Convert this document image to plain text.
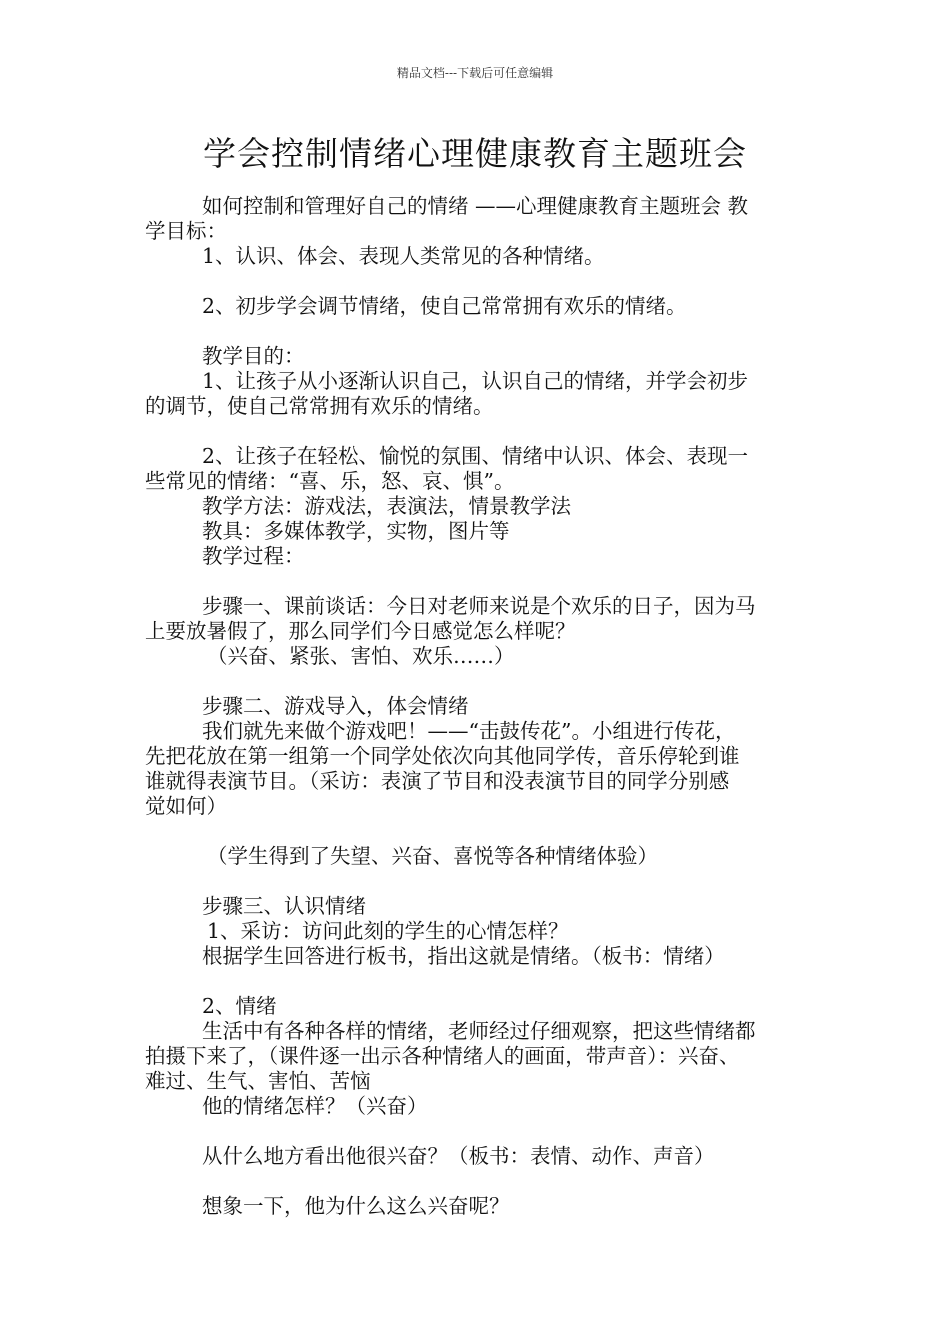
精品文档---下载后可任意编辑
学会控制情绪心理健康教育主题班会
如何控制和管理好自己的情绪 ——心理健康教育主题班会 教
学目标：
1、认识、体会、表现人类常见的各种情绪。
2、初步学会调节情绪，使自己常常拥有欢乐的情绪。
教学目的：
1、让孩子从小逐渐认识自己，认识自己的情绪，并学会初步
的调节，使自己常常拥有欢乐的情绪。
2、让孩子在轻松、愉悦的氛围、情绪中认识、体会、表现一
些常见的情绪：“喜、乐，怒、哀、惧”。
教学方法：游戏法，表演法，情景教学法
教具：多媒体教学，实物，图片等
教学过程：
步骤一、课前谈话：今日对老师来说是个欢乐的日子，因为马
上要放暑假了，那么同学们今日感觉怎么样呢？
（兴奋、紧张、害怕、欢乐……）
步骤二、游戏导入，体会情绪
我们就先来做个游戏吧！——“击鼓传花”。小组进行传花，
先把花放在第一组第一个同学处依次向其他同学传，音乐停轮到谁
谁就得表演节目。（采访：表演了节目和没表演节目的同学分别感
觉如何）
（学生得到了失望、兴奋、喜悦等各种情绪体验）
步骤三、认识情绪
1、采访：访问此刻的学生的心情怎样？
根据学生回答进行板书，指出这就是情绪。（板书：情绪）
2、情绪
生活中有各种各样的情绪，老师经过仔细观察，把这些情绪都
拍摄下来了，（课件逐一出示各种情绪人的画面，带声音）：兴奋、
难过、生气、害怕、苦恼
他的情绪怎样？（兴奋）
从什么地方看出他很兴奋？（板书：表情、动作、声音）
想象一下，他为什么这么兴奋呢？
